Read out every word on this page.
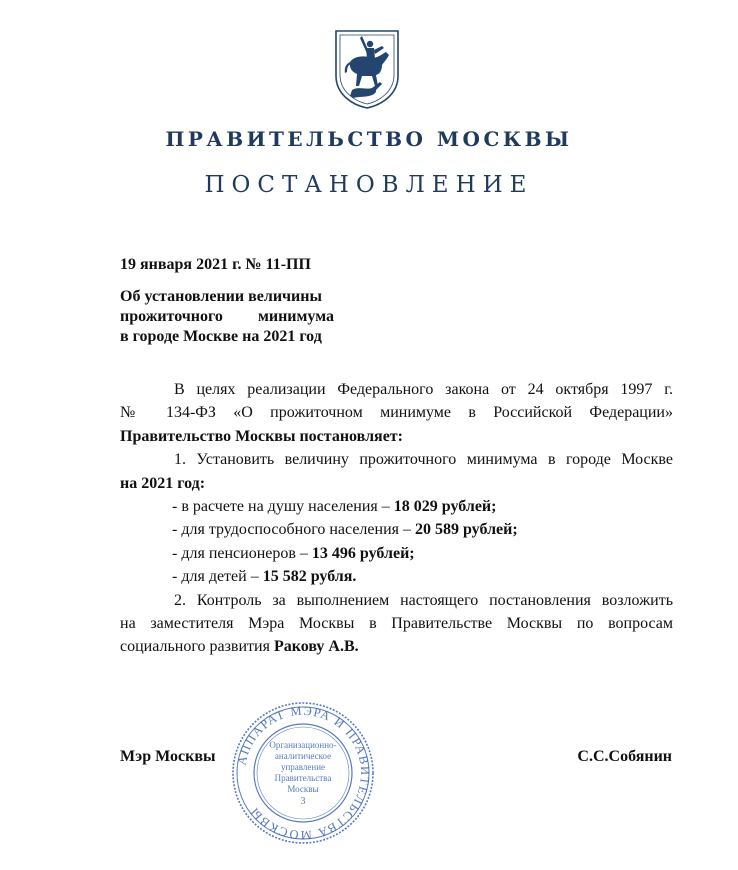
ПРАВИТЕЛЬСТВО МОСКВЫ
ПОСТАНОВЛЕНИЕ
19 января 2021 г. № 11-ПП
Об установлении величины
прожиточного минимума
в городе Москве на 2021 год

В целях реализации Федерального закона от 24 октября 1997 г.

№ 134-ФЗ «О прожиточном минимуме в Российской Федерации»

Правительство Москвы постановляет:

1. Установить величину прожиточного минимума в городе Москве

на 2021 год:

- в расчете на душу населения – 18 029 рублей;

- для трудоспособного населения – 20 589 рублей;

- для пенсионеров – 13 496 рублей;

- для детей – 15 582 рубля.

2. Контроль за выполнением настоящего постановления возложить

на заместителя Мэра Москвы в Правительстве Москвы по вопросам

социального развития Ракову А.В.

АППАРАТ МЭРА И ПРАВИТЕЛЬСТВА МОСКВЫ
Организационно-
аналитическое
управление
Правительства
Москвы
3
Мэр Москвы	С.С.Собянин
